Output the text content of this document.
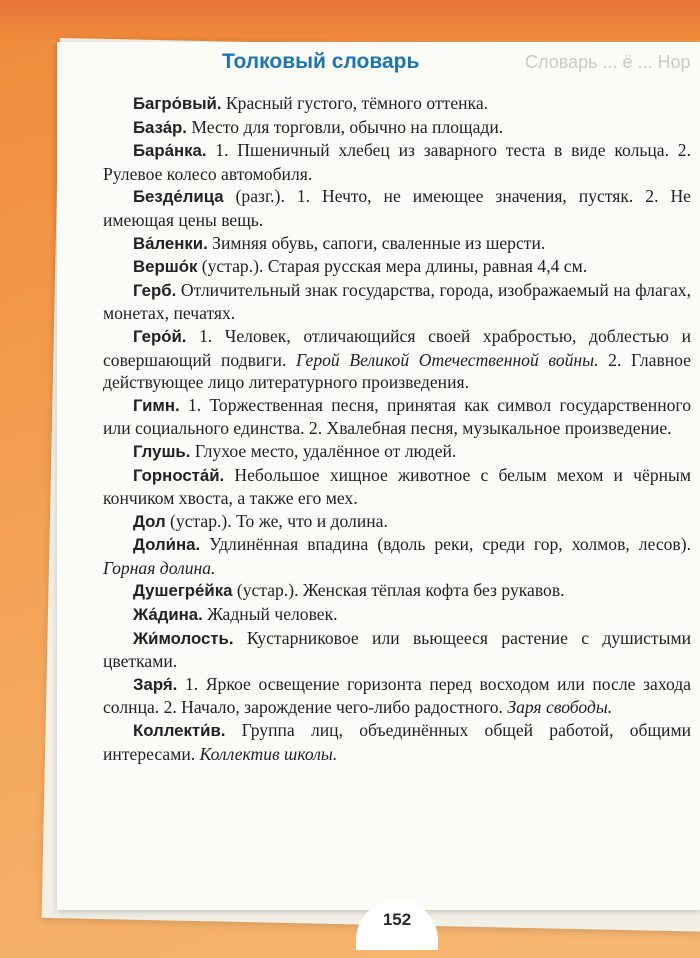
Словарь ... ё ... Hop
Толковый словарь

Багро́вый. Красный густого, тёмного оттенка.

База́р. Место для торговли, обычно на площади.

Бара́нка. 1. Пшеничный хлебец из заварного теста в виде кольца. 2. Рулевое колесо автомобиля.

Безде́лица (разг.). 1. Нечто, не имеющее значения, пустяк. 2. Не имеющая цены вещь.

Ва́ленки. Зимняя обувь, сапоги, сваленные из шерсти.

Вершо́к (устар.). Старая русская мера длины, равная 4,4 см.

Герб. Отличительный знак государства, города, изображаемый на флагах, монетах, печатях.

Геро́й. 1. Человек, отличающийся своей храбростью, доблестью и совершающий подвиги. Герой Великой Отечественной войны. 2. Главное действующее лицо литературного произведения.

Гимн. 1. Торжественная песня, принятая как символ государственного или социального единства. 2. Хвалебная песня, музыкальное произведение.

Глушь. Глухое место, удалённое от людей.

Горноста́й. Небольшое хищное животное с белым мехом и чёрным кончиком хвоста, а также его мех.

Дол (устар.). То же, что и долина.

Доли́на. Удлинённая впадина (вдоль реки, среди гор, холмов, лесов). Горная долина.

Душегре́йка (устар.). Женская тёплая кофта без рукавов.

Жа́дина. Жадный человек.

Жи́молость. Кустарниковое или вьющееся растение с душистыми цветками.

Заря́. 1. Яркое освещение горизонта перед восходом или после захода солнца. 2. Начало, зарождение чего-либо радостного. Заря свободы.

Коллекти́в. Группа лиц, объединённых общей работой, общими интересами. Коллектив школы.

152
